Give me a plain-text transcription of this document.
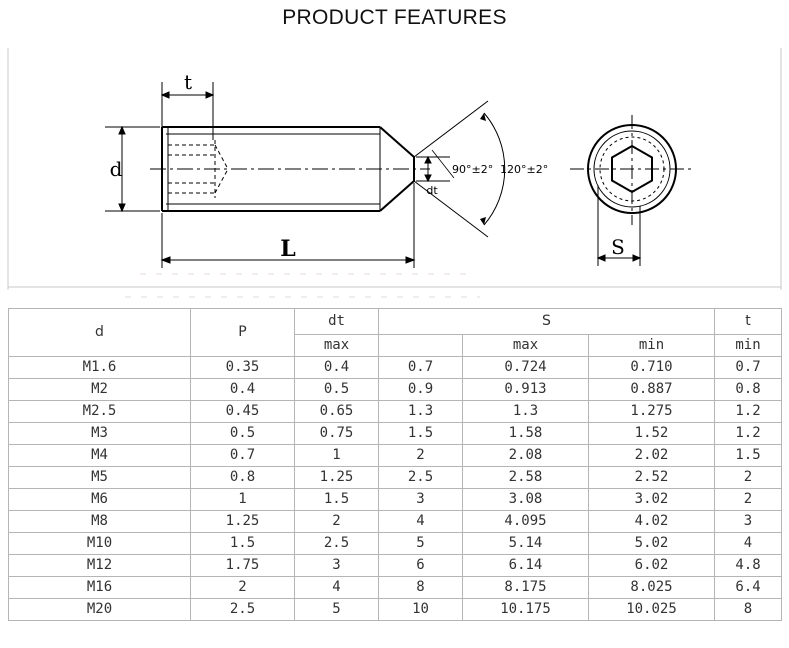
PRODUCT FEATURES
t
d
L
dt
90°±2° 120°±2°
S
d	P	dt	S			t
		max		max	min	min
M1.6	0.35	0.4	0.7	0.724	0.710	0.7
M2	0.4	0.5	0.9	0.913	0.887	0.8
M2.5	0.45	0.65	1.3	1.3	1.275	1.2
M3	0.5	0.75	1.5	1.58	1.52	1.2
M4	0.7	1	2	2.08	2.02	1.5
M5	0.8	1.25	2.5	2.58	2.52	2
M6	1	1.5	3	3.08	3.02	2
M8	1.25	2	4	4.095	4.02	3
M10	1.5	2.5	5	5.14	5.02	4
M12	1.75	3	6	6.14	6.02	4.8
M16	2	4	8	8.175	8.025	6.4
M20	2.5	5	10	10.175	10.025	8
